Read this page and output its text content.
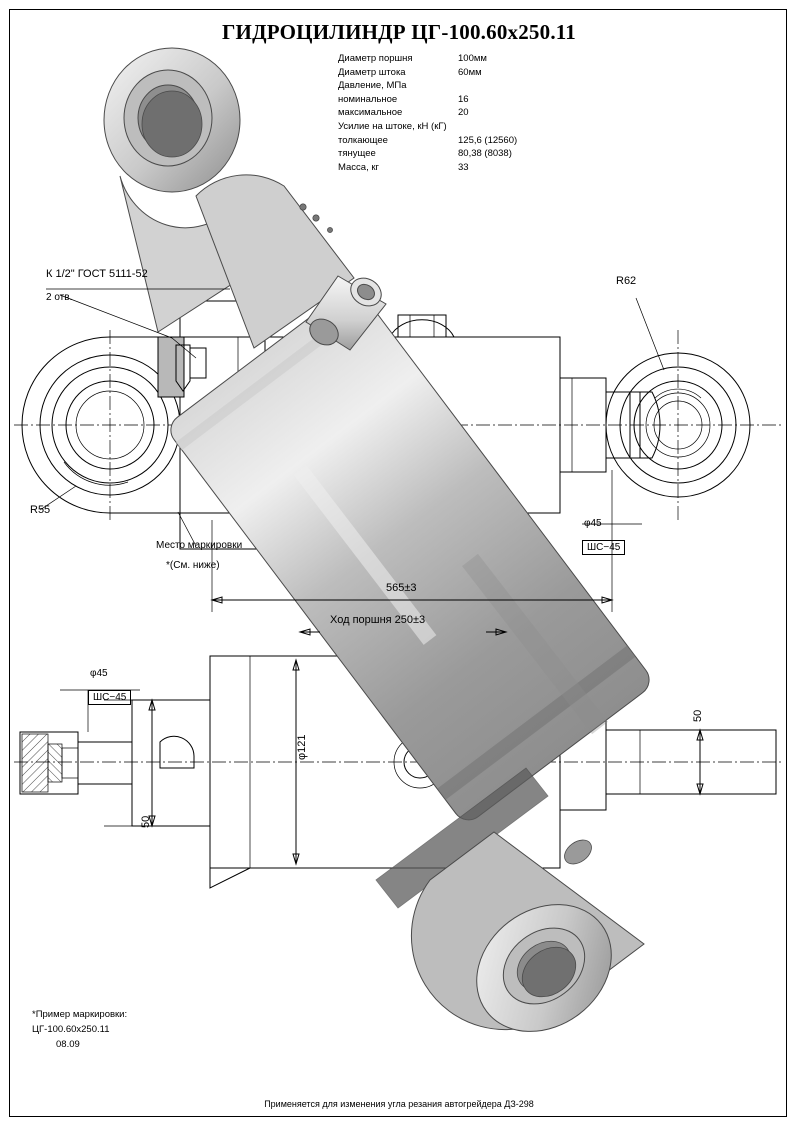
ГИДРОЦИЛИНДР ЦГ-100.60x250.11
Диаметр поршня	100мм
Диаметр штока	60мм
Давление, МПа
номинальное	16
максимальное	20
Усилие на штоке, кН (кГ)
толкающее	125,6 (12560)
тянущее	80,38 (8038)
Масса, кг	33
К 1/2" ГОСТ 5111-52
2 отв.
R62
R55
Место маркировки
*(См. ниже)
φ45
ШС−45
φ45
ШС−45
565±3
Ход поршня 250±3
φ121
50
50
*Пример маркировки:
ЦГ-100.60x250.11
08.09
Применяется для изменения угла резания автогрейдера ДЗ-298
